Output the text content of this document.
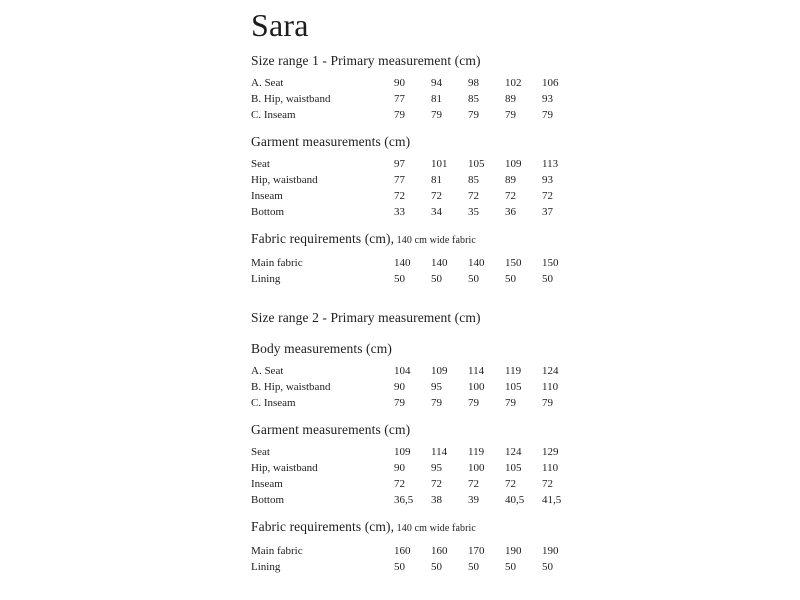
Sara
Size range 1 - Primary measurement (cm)
A. Seat	90	94	98	102	106
B. Hip, waistband	77	81	85	89	93
C. Inseam	79	79	79	79	79
Garment measurements (cm)
Seat	97	101	105	109	113
Hip, waistband	77	81	85	89	93
Inseam	72	72	72	72	72
Bottom	33	34	35	36	37
Fabric requirements (cm), 140 cm wide fabric
Main fabric	140	140	140	150	150
Lining	50	50	50	50	50
Size range 2 - Primary measurement (cm)
Body measurements (cm)
A. Seat	104	109	114	119	124
B. Hip, waistband	90	95	100	105	110
C. Inseam	79	79	79	79	79
Garment measurements (cm)
Seat	109	114	119	124	129
Hip, waistband	90	95	100	105	110
Inseam	72	72	72	72	72
Bottom	36,5	38	39	40,5	41,5
Fabric requirements (cm), 140 cm wide fabric
Main fabric	160	160	170	190	190
Lining	50	50	50	50	50
